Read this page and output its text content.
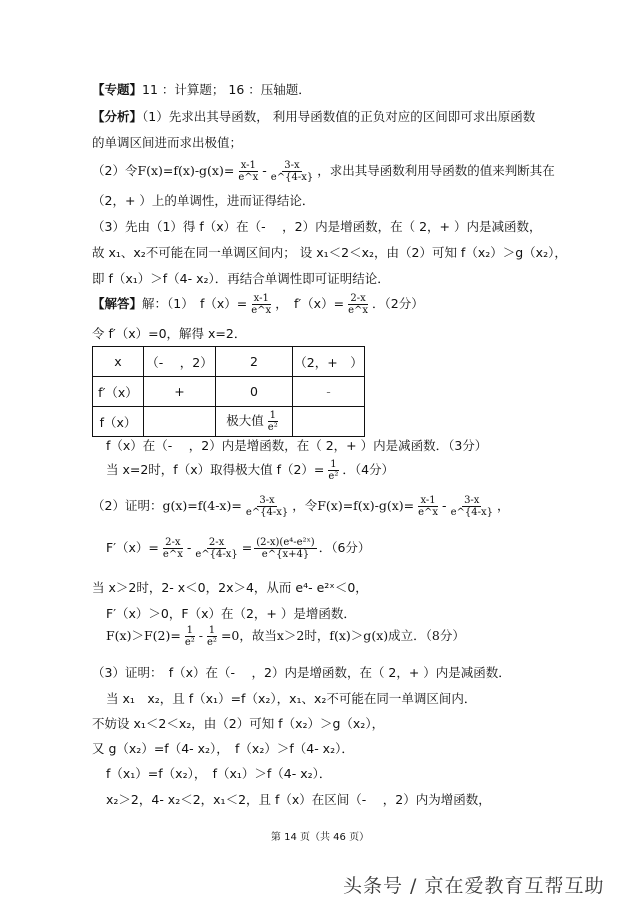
【专题】11 ：计算题； 16 ：压轴题．
【分析】（1）先求出其导函数， 利用导函数值的正负对应的区间即可求出原函数
的单调区间进而求出极值；
（2）令$F(x)=f(x)-g(x)= \frac{x-1}{e\^{}x} - \frac{3-x}{e\^{}\{4-x\}}$ ，求出其导函数利用导函数的值来判断其在
（2，+ ）上的单调性，进而证得结论．
（3）先由（1）得 f（x）在（-　 ，2）内是增函数，在（ 2，+ ）内是减函数，
故 x₁、x₂不可能在同一单调区间内； 设 x₁＜2＜x₂，由（2）可知 f（x₂）＞g（x₂），
即 f（x₁）＞f（4- x₂）．再结合单调性即可证明结论．
【解答】解：（1）　$f(x)= \frac{x-1}{e\^{}x}$ ，　$f'(x)= \frac{2-x}{e\^{}x}$ ．（2分）
令 f′（x）=0，解得 x=2．
x	（-　 ，2）	2	（2，+　）
f′（x）	+	0	-
f（x）		极大值 $\frac{1}{\text{e²}}$

f（x）在（-　 ，2）内是增函数，在（ 2，+ ）内是减函数．（3分）
当 x=2时，f（x）取得极大值 $f(2)= \frac{1}{\text{e²}}$ ．（4分）
（2）证明：$g(x)=f(4-x)= \frac{3-x}{e\^{}\{4-x\}}$ ，令$F(x)=f(x)-g(x)= \frac{x-1}{e\^{}x} - \frac{3-x}{e\^{}\{4-x\}}$ ，
$F'(x)= \frac{2-x}{e\^{}x} - \frac{2-x}{e\^{}\{4-x\}} = \frac{\text{(2-x)(e⁴-e²ˣ)}}{e\^{}\{x+4\}}$ ．（6分）
当 x＞2时，2- x＜0，2x＞4，从而 e⁴- e²ˣ＜0，
F′（x）＞0，F（x）在（2，+ ）是增函数．
$F(x)>F(2)= \frac{1}{\text{e²}} - \frac{1}{\text{e²}} =0$，故当x＞2时，f(x)＞g(x)成立．（8分）
（3）证明：　f（x）在（-　 ，2）内是增函数，在（ 2，+ ）内是减函数．
当 x₁　x₂，且 f（x₁）=f（x₂），x₁、x₂不可能在同一单调区间内．
不妨设 x₁＜2＜x₂，由（2）可知 f（x₂）＞g（x₂），
又 g（x₂）=f（4- x₂），　f（x₂）＞f（4- x₂）．
f（x₁）=f（x₂），　f（x₁）＞f（4- x₂）．
x₂＞2，4- x₂＜2，x₁＜2，且 f（x）在区间（-　 ，2）内为增函数，
第 14 页（共 46 页）
头条号 / 京在爱教育互帮互助
